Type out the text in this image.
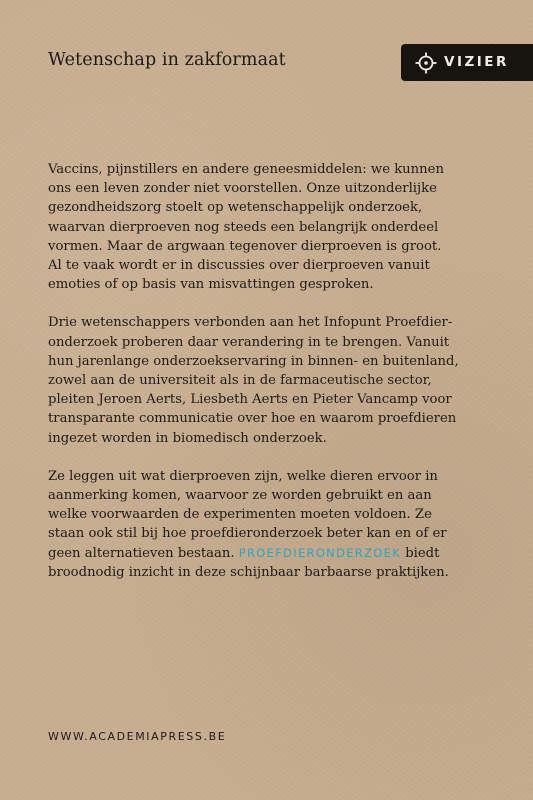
Wetenschap in zakformaat	VIZIER

Vaccins, pijnstillers en andere geneesmiddelen: we kunnen
ons een leven zonder niet voorstellen. Onze uitzonderlijke
gezondheidszorg stoelt op wetenschappelijk onderzoek,
waarvan dierproeven nog steeds een belangrijk onderdeel
vormen. Maar de argwaan tegenover dierproeven is groot.
Al te vaak wordt er in discussies over dierproeven vanuit
emoties of op basis van misvattingen gesproken.

Drie wetenschappers verbonden aan het Infopunt Proefdier-
onderzoek proberen daar verandering in te brengen. Vanuit
hun jarenlange onderzoekservaring in binnen- en buitenland,
zowel aan de universiteit als in de farmaceutische sector,
pleiten Jeroen Aerts, Liesbeth Aerts en Pieter Vancamp voor
transparante communicatie over hoe en waarom proefdieren
ingezet worden in biomedisch onderzoek.

Ze leggen uit wat dierproeven zijn, welke dieren ervoor in
aanmerking komen, waarvoor ze worden gebruikt en aan
welke voorwaarden de experimenten moeten voldoen. Ze
staan ook stil bij hoe proefdieronderzoek beter kan en of er
geen alternatieven bestaan. PROEFDIERONDERZOEK biedt
broodnodig inzicht in deze schijnbaar barbaarse praktijken.

WWW.ACADEMIAPRESS.BE
